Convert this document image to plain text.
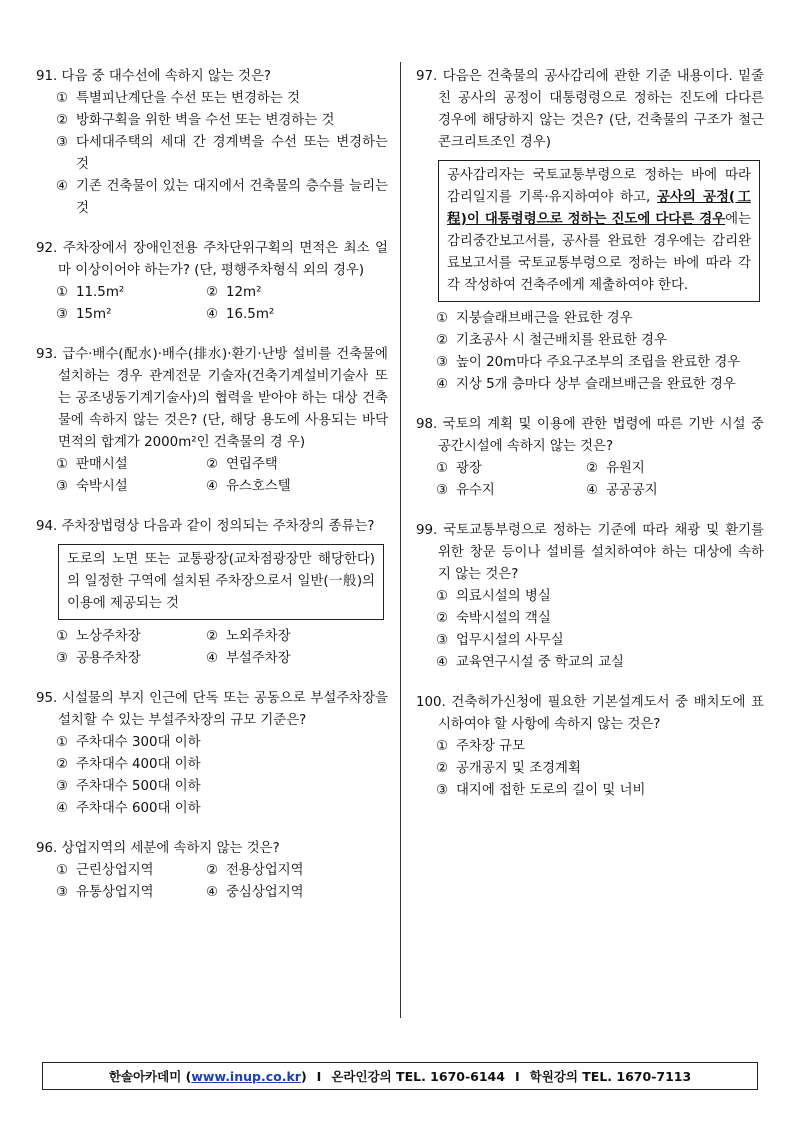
91. 다음 중 대수선에 속하지 않는 것은?
① 특별피난계단을 수선 또는 변경하는 것
② 방화구획을 위한 벽을 수선 또는 변경하는 것
③ 다세대주택의 세대 간 경계벽을 수선 또는 변경하는 것
④ 기존 건축물이 있는 대지에서 건축물의 층수를 늘리는 것
92. 주차장에서 장애인전용 주차단위구획의 면적은 최소 얼마 이상이어야 하는가? (단, 평행주차형식 외의 경우)
① 11.5m²	② 12m²
③ 15m²	④ 16.5m²
93. 급수·배수(配水)·배수(排水)·환기·난방 설비를 건축물에 설치하는 경우 관계전문 기술자(건축기계설비기술사 또는 공조냉동기계기술사)의 협력을 받아야 하는 대상 건축물에 속하지 않는 것은? (단, 해당 용도에 사용되는 바닥면적의 합계가 2000m²인 건축물의 경 우)
① 판매시설	② 연립주택
③ 숙박시설	④ 유스호스텔
94. 주차장법령상 다음과 같이 정의되는 주차장의 종류는?
도로의 노면 또는 교통광장(교차점광장만 해당한다)의 일정한 구역에 설치된 주차장으로서 일반(一般)의 이용에 제공되는 것
① 노상주차장	② 노외주차장
③ 공용주차장	④ 부설주차장
95. 시설물의 부지 인근에 단독 또는 공동으로 부설주차장을 설치할 수 있는 부설주차장의 규모 기준은?
① 주차대수 300대 이하
② 주차대수 400대 이하
③ 주차대수 500대 이하
④ 주차대수 600대 이하
96. 상업지역의 세분에 속하지 않는 것은?
① 근린상업지역	② 전용상업지역
③ 유통상업지역	④ 중심상업지역
97. 다음은 건축물의 공사감리에 관한 기준 내용이다. 밑줄 친 공사의 공정이 대통령령으로 정하는 진도에 다다른 경우에 해당하지 않는 것은? (단, 건축물의 구조가 철근콘크리트조인 경우)
공사감리자는 국토교통부령으로 정하는 바에 따라 감리일지를 기록·유지하여야 하고, 공사의 공정(工程)이 대통령령으로 정하는 진도에 다다른 경우에는 감리중간보고서를, 공사를 완료한 경우에는 감리완료보고서를 국토교통부령으로 정하는 바에 따라 각각 작성하여 건축주에게 제출하여야 한다.
① 지붕슬래브배근을 완료한 경우
② 기초공사 시 철근배치를 완료한 경우
③ 높이 20m마다 주요구조부의 조립을 완료한 경우
④ 지상 5개 층마다 상부 슬래브배근을 완료한 경우
98. 국토의 계획 및 이용에 관한 법령에 따른 기반 시설 중 공간시설에 속하지 않는 것은?
① 광장	② 유원지
③ 유수지	④ 공공공지
99. 국토교통부령으로 정하는 기준에 따라 채광 및 환기를 위한 창문 등이나 설비를 설치하여야 하는 대상에 속하지 않는 것은?
① 의료시설의 병실
② 숙박시설의 객실
③ 업무시설의 사무실
④ 교육연구시설 중 학교의 교실
100. 건축허가신청에 필요한 기본설계도서 중 배치도에 표시하여야 할 사항에 속하지 않는 것은?
① 주차장 규모
② 공개공지 및 조경계획
③ 대지에 접한 도로의 길이 및 너비
한솔아카데미 ( www.inup.co.kr ) I 온라인강의 TEL. 1670-6144 I 학원강의 TEL. 1670-7113
